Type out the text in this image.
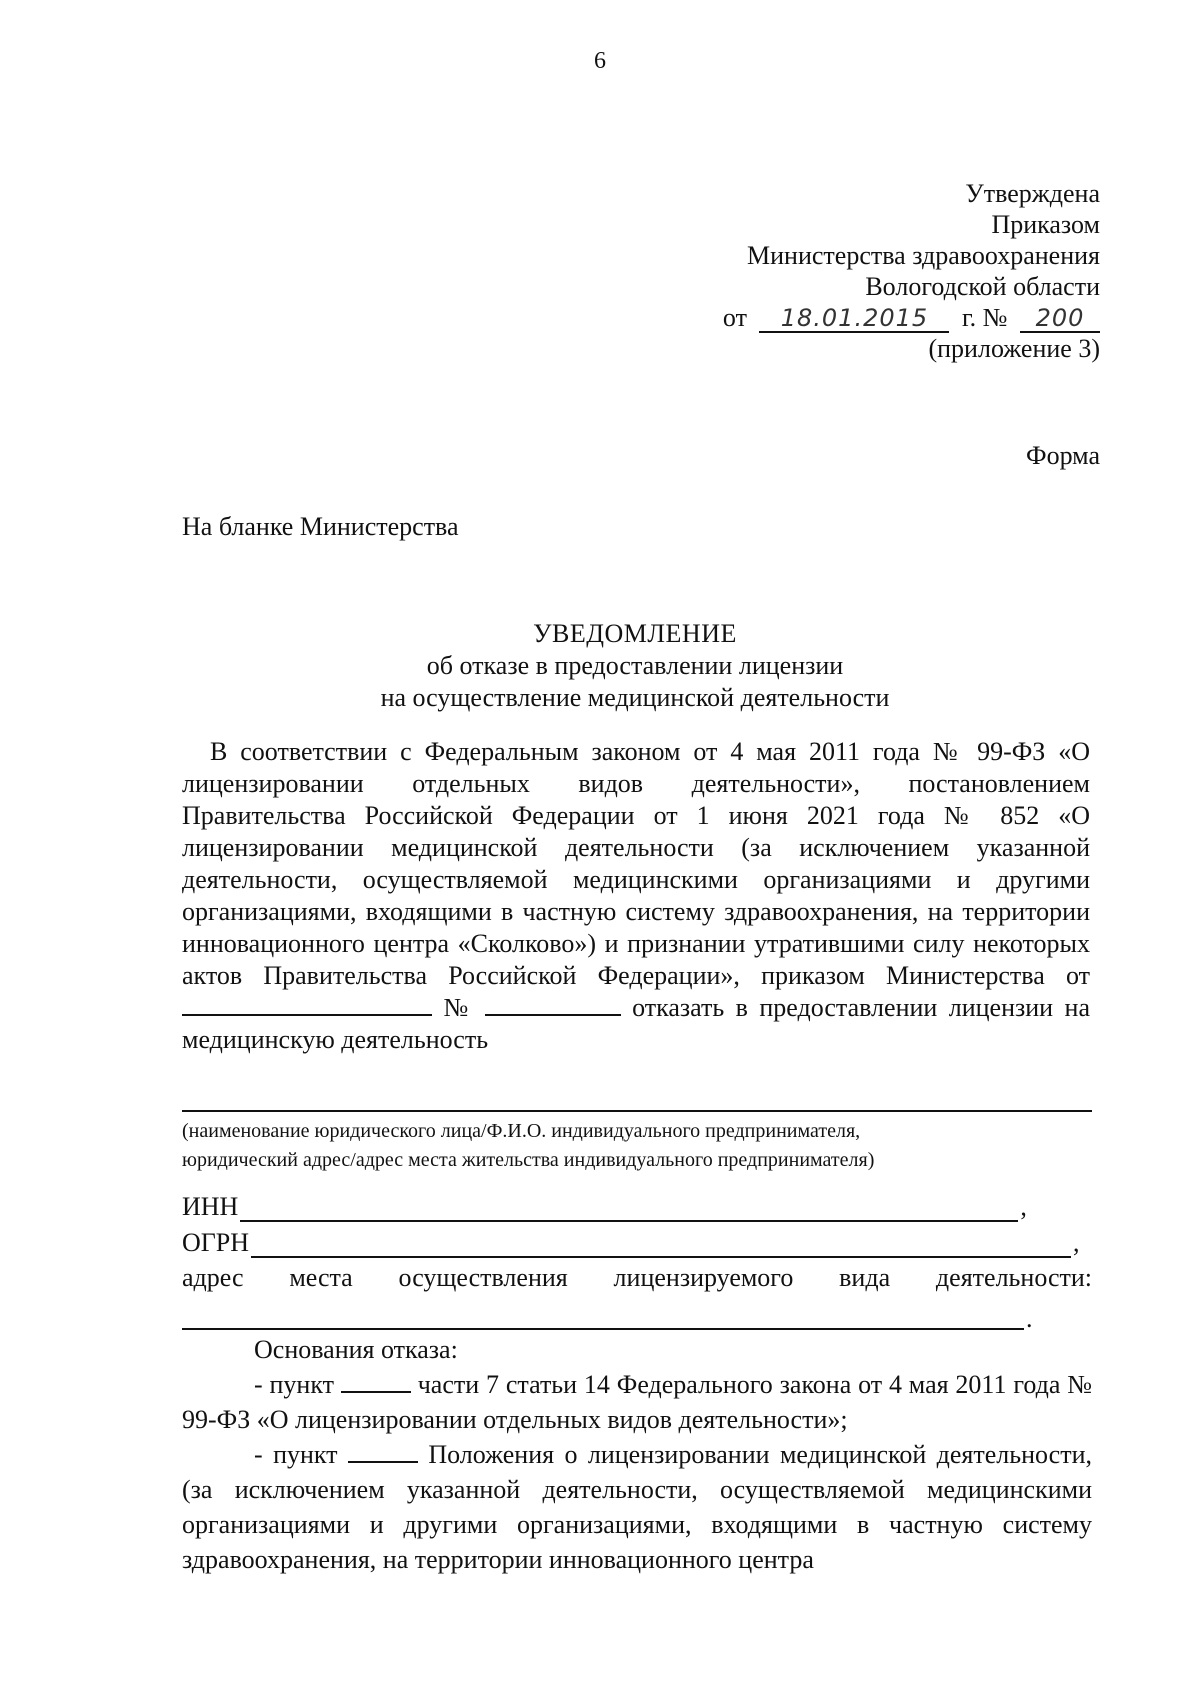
6
Утверждена
Приказом
Министерства здравоохранения
Вологодской области
от 18.01.2015 г. № 200
(приложение 3)
Форма
На бланке Министерства
УВЕДОМЛЕНИЕ
об отказе в предоставлении лицензии
на осуществление медицинской деятельности
В соответствии с Федеральным законом от 4 мая 2011 года № 99-ФЗ «О лицензировании отдельных видов деятельности», постановлением Правительства Российской Федерации от 1 июня 2021 года № 852 «О лицензировании медицинской деятельности (за исключением указанной деятельности, осуществляемой медицинскими организациями и другими организациями, входящими в частную систему здравоохранения, на территории инновационного центра «Сколково») и признании утратившими силу некоторых актов Правительства Российской Федерации», приказом Министерства от  №	отказать в предоставлении лицензии на медицинскую деятельность
(наименование юридического лица/Ф.И.О. индивидуального предпринимателя,
юридический адрес/адрес места жительства индивидуального предпринимателя)
ИНН	,
ОГРН	,
адрес места осуществления лицензируемого вида деятельности:
.
Основания отказа:

- пункт	части 7 статьи 14 Федерального закона от 4 мая 2011 года № 99-ФЗ «О лицензировании отдельных видов деятельности»;

- пункт	Положения о лицензировании медицинской деятельности, (за исключением указанной деятельности, осуществляемой медицинскими организациями и другими организациями, входящими в частную систему здравоохранения, на территории инновационного центра
